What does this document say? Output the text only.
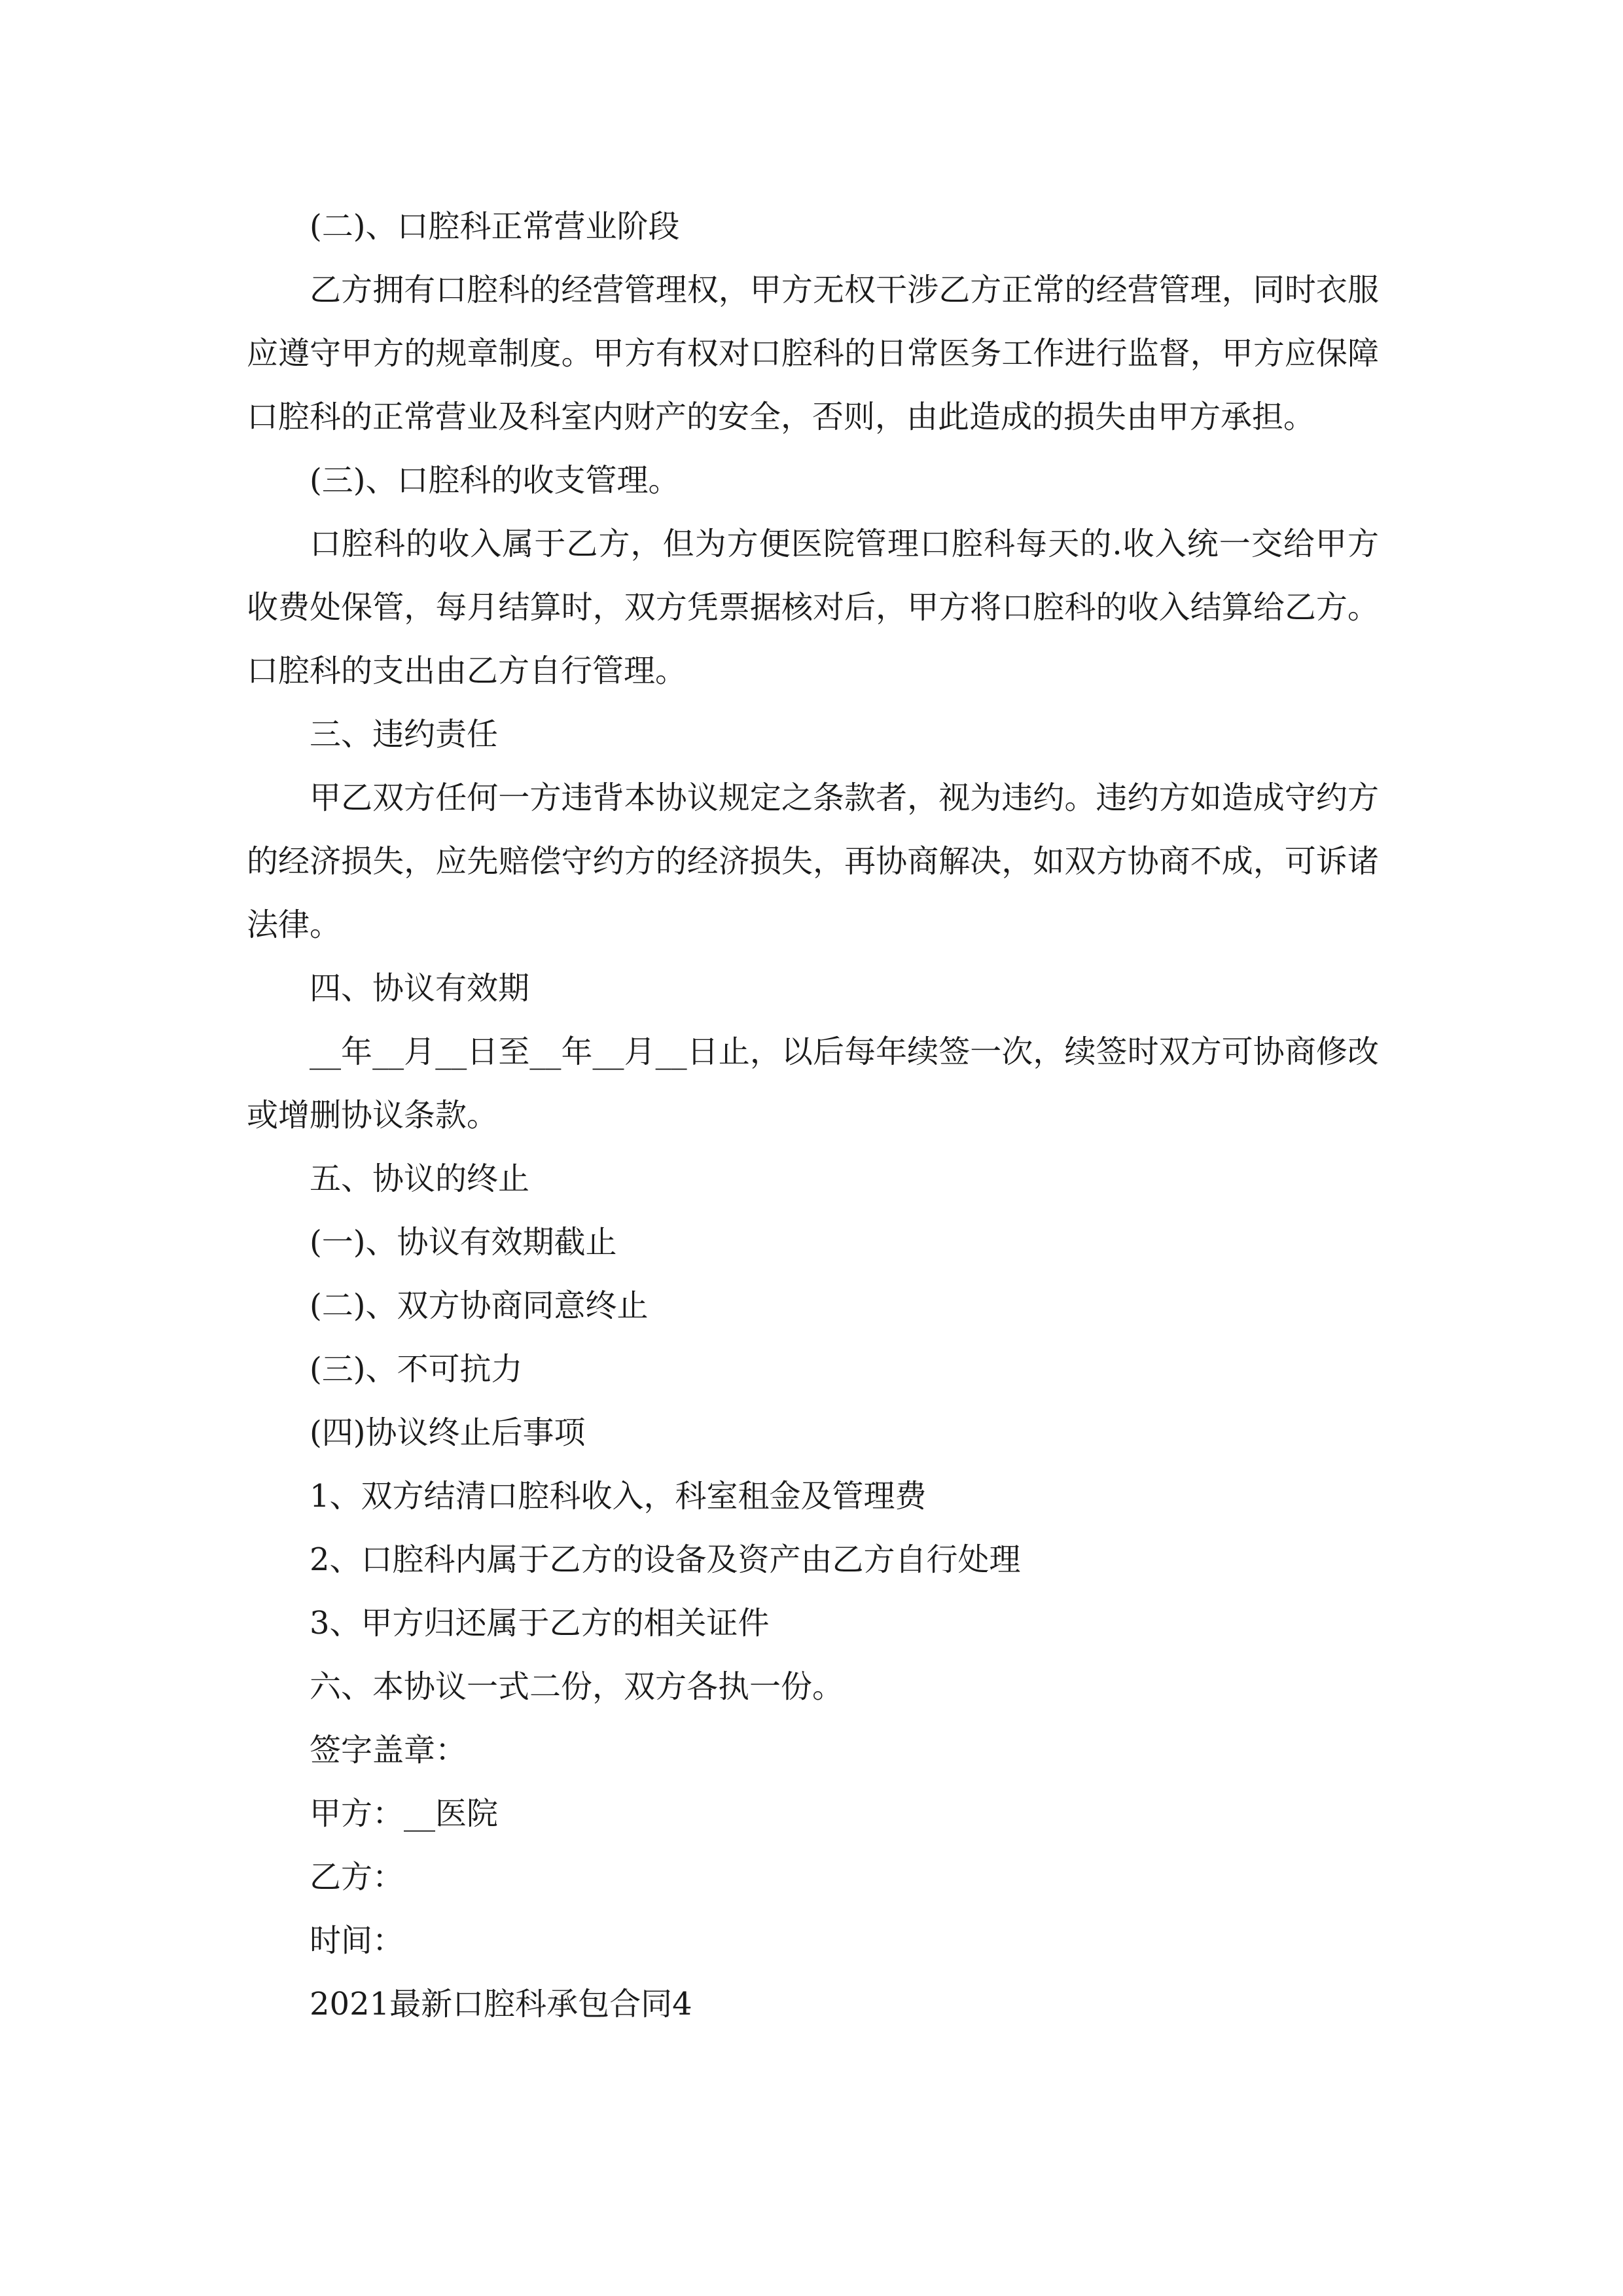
(二)、口腔科正常营业阶段

乙方拥有口腔科的经营管理权，甲方无权干涉乙方正常的经营管理，同时衣服应遵守甲方的规章制度。甲方有权对口腔科的日常医务工作进行监督，甲方应保障口腔科的正常营业及科室内财产的安全，否则，由此造成的损失由甲方承担。

(三)、口腔科的收支管理。

口腔科的收入属于乙方，但为方便医院管理口腔科每天的.收入统一交给甲方收费处保管，每月结算时，双方凭票据核对后，甲方将口腔科的收入结算给乙方。口腔科的支出由乙方自行管理。

三、违约责任

甲乙双方任何一方违背本协议规定之条款者，视为违约。违约方如造成守约方的经济损失，应先赔偿守约方的经济损失，再协商解决，如双方协商不成，可诉诸法律。

四、协议有效期

__年__月__日至__年__月__日止，以后每年续签一次，续签时双方可协商修改或增删协议条款。

五、协议的终止

(一)、协议有效期截止

(二)、双方协商同意终止

(三)、不可抗力

(四)协议终止后事项

1、双方结清口腔科收入，科室租金及管理费

2、口腔科内属于乙方的设备及资产由乙方自行处理

3、甲方归还属于乙方的相关证件

六、本协议一式二份，双方各执一份。

签字盖章：

甲方：__医院

乙方：

时间：

2021最新口腔科承包合同4
